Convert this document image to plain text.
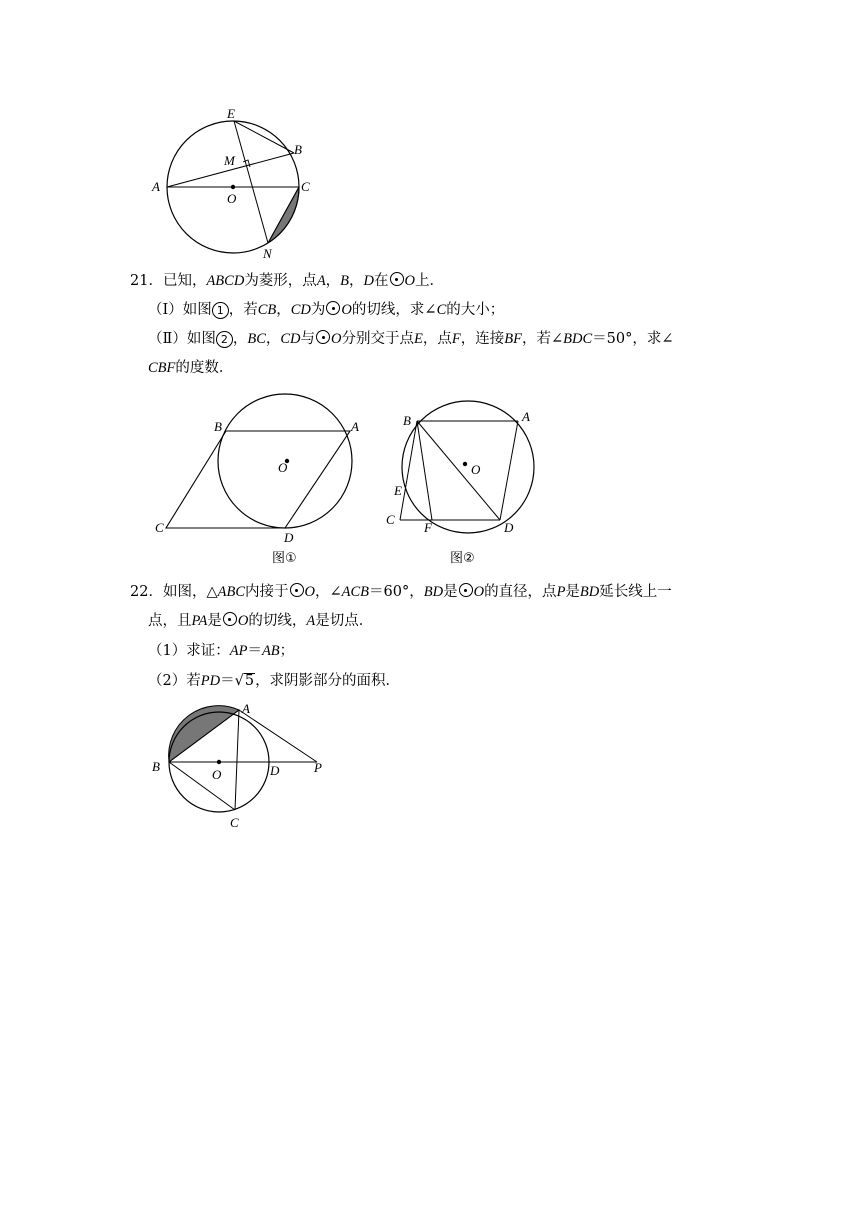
E
B
M
A
O
C
N
21．已知，ABCD为菱形，点A，B，D在 O上．
（Ⅰ）如图 1 ，若CB，CD为 O的切线，求∠C的大小；
（Ⅱ）如图 2 ，BC，CD与 O分别交于点E，点F，连接BF，若∠BDC＝50°，求∠
CBF的度数．
B	A
O
C
D
图①
B	A
O
E
C
F	D
图②
22．如图，△ABC内接于 O，∠ACB＝60°，BD是 O的直径，点P是BD延长线上一
点，且PA是 O的切线，A是切点．
（1）求证：AP＝AB；
（2）若PD＝√5，求阴影部分的面积．
A
B
O	D	P
C
